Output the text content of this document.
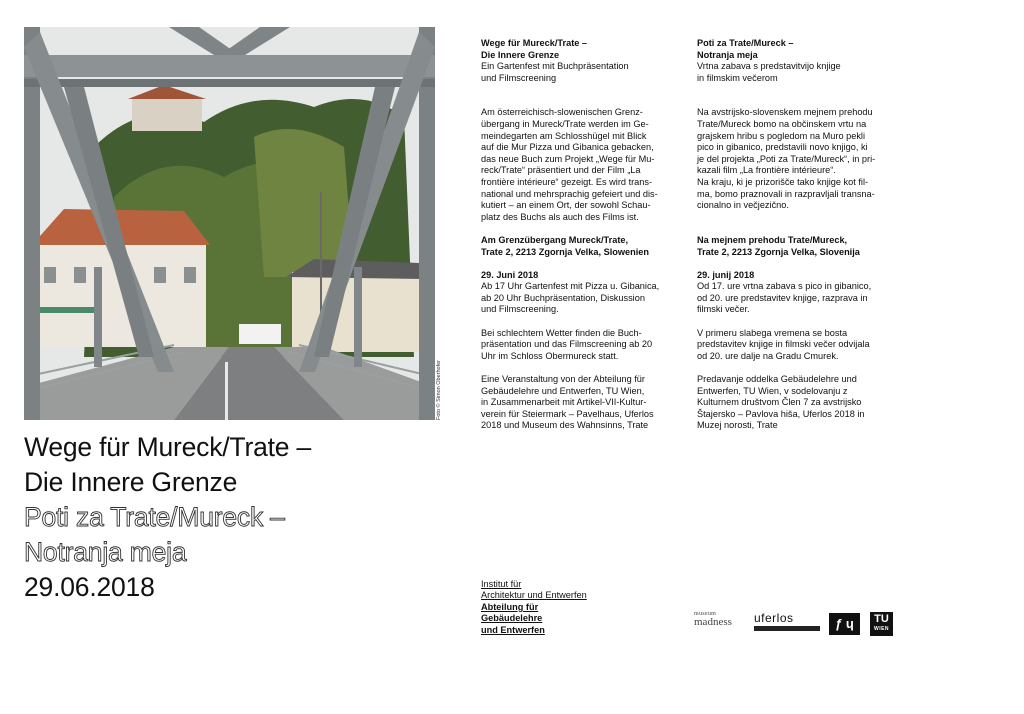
Foto © Simon Oberhofer
Wege für Mureck/Trate –
Die Innere Grenze
Poti za Trate/Mureck –
Notranja meja
29.06.2018

Wege für Mureck/Trate –

Die Innere Grenze

Ein Gartenfest mit Buchpräsentation

und Filmscreening

Am österreichisch-slowenischen Grenz-

übergang in Mureck/Trate werden im Ge-

meindegarten am Schlosshügel mit Blick

auf die Mur Pizza und Gibanica gebacken,

das neue Buch zum Projekt „Wege für Mu-

reck/Trate“ präsentiert und der Film „La

frontière intérieure“ gezeigt. Es wird trans-

national und mehrsprachig gefeiert und dis-

kutiert – an einem Ort, der sowohl Schau-

platz des Buchs als auch des Films ist.

Am Grenzübergang Mureck/Trate,

Trate 2, 2213 Zgornja Velka, Slowenien

29. Juni 2018

Ab 17 Uhr Gartenfest mit Pizza u. Gibanica,

ab 20 Uhr Buchpräsentation, Diskussion

und Filmscreening.

Bei schlechtem Wetter finden die Buch-

präsentation und das Filmscreening ab 20

Uhr im Schloss Obermureck statt.

Eine Veranstaltung von der Abteilung für

Gebäudelehre und Entwerfen, TU Wien,

in Zusammenarbeit mit Artikel-VII-Kultur-

verein für Steiermark – Pavelhaus, Uferlos

2018 und Museum des Wahnsinns, Trate

Poti za Trate/Mureck –

Notranja meja

Vrtna zabava s predstavitvijo knjige

in filmskim večerom

Na avstrijsko-slovenskem mejnem prehodu

Trate/Mureck bomo na občinskem vrtu na

grajskem hribu s pogledom na Muro pekli

pico in gibanico, predstavili novo knjigo, ki

je del projekta „Poti za Trate/Mureck“, in pri-

kazali film „La frontière intérieure“.

Na kraju, ki je prizorišče tako knjige kot fil-

ma, bomo praznovali in razpravljali transna-

cionalno in večjezično.

Na mejnem prehodu Trate/Mureck,

Trate 2, 2213 Zgornja Velka, Slovenija

29. junij 2018

Od 17. ure vrtna zabava s pico in gibanico,

od 20. ure predstavitev knjige, razprava in

filmski večer.

V primeru slabega vremena se bosta

predstavitev knjige in filmski večer odvijala

od 20. ure dalje na Gradu Cmurek.

Predavanje oddelka Gebäudelehre und

Entwerfen, TU Wien, v sodelovanju z

Kulturnem društvom Člen 7 za avstrijsko

Štajersko – Pavlova hiša, Uferlos 2018 in

Muzej norosti, Trate

Institut für

Architektur und Entwerfen

Abteilung für

Gebäudelehre

und Entwerfen

museum
madness	uferlos	ƒ ɥ	TU
WIEN
